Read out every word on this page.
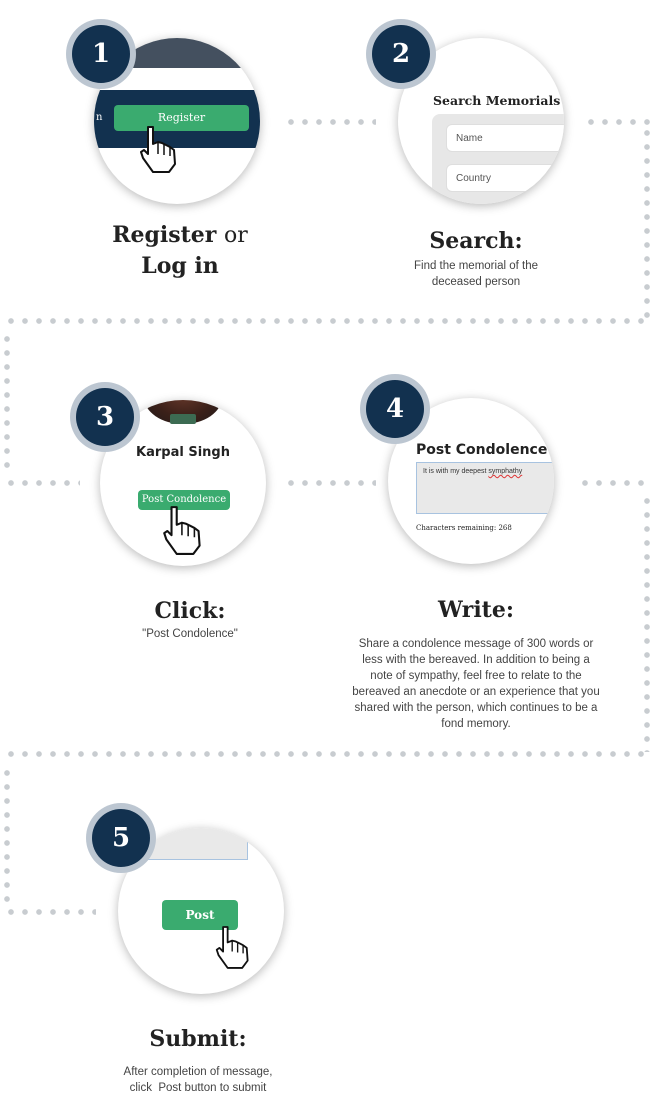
n	Register
1
Register or
Log in
Search Memorials
Name
Country
2
Search:
Find the memorial of the
deceased person
Karpal Singh
Post Condolence
3
Click:
"Post Condolence"
Post Condolence
It is with my deepest symphathy
Characters remaining: 268
4
Write:
Share a condolence message of 300 words or
less with the bereaved. In addition to being a
note of sympathy, feel free to relate to the
bereaved an anecdote or an experience that you
shared with the person, which continues to be a
fond memory.
Post
5
Submit:
After completion of message,
click  Post button to submit
